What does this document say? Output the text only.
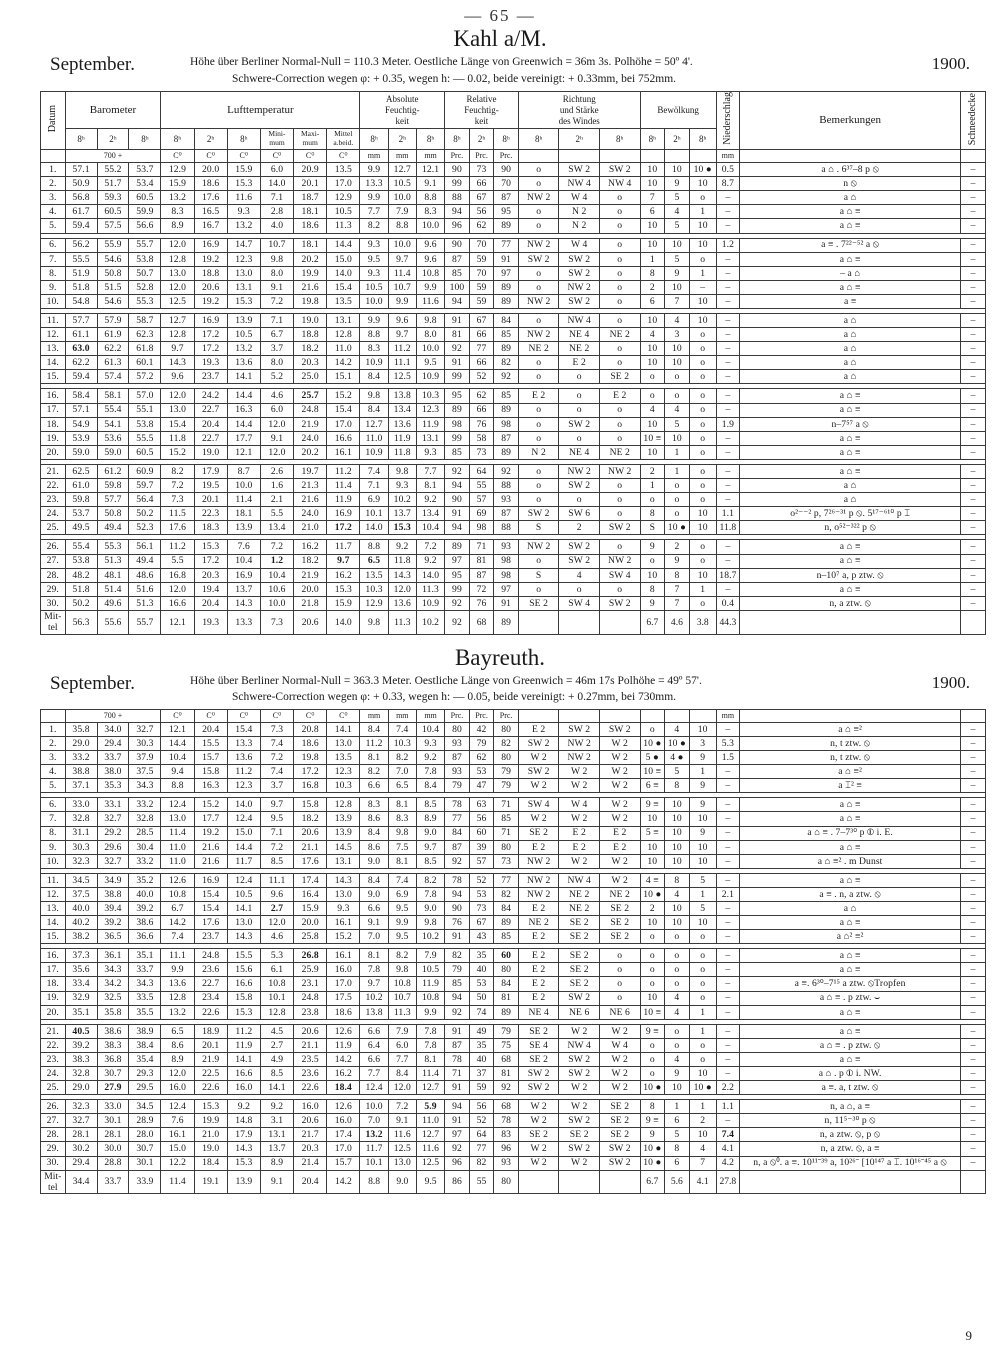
— 65 —
Kahl a/M.
September.	Höhe über Berliner Normal-Null = 110.3 Meter. Oestliche Länge von Greenwich = 36m 3s. Polhöhe = 50º 4'.
Schwere-Correction wegen φ: + 0.35, wegen h: — 0.02, beide vereinigt: + 0.33mm, bei 752mm.
1900.
Datum	Barometer			Lufttemperatur						Absolute
Feuchtig-
keit			Relative
Feuchtig-
keit			Richtung
und Stärke
des Windes			Bewölkung			Niederschlag	Bemerkungen	Schneedecke

	8ʰ	2ʰ	8ʰ	8ʰ	2ʰ	8ʰ	Mini-
mum	Maxi-
mum	Mittel
a.beid.	8ʰ	2ʰ	8ʰ	8ʰ	2ʰ	8ʰ	8ʰ	2ʰ	8ʰ	8ʰ	2ʰ	8ʰ			
	700 +			C⁰	C⁰	C⁰	C⁰	C⁰	C⁰	mm	mm	mm	Prc.	Prc.	Prc.							mm		
1.	57.1	55.2	53.7	12.9	20.0	15.9	6.0	20.9	13.5	9.9	12.7	12.1	90	73	90	o	SW 2	SW 2	10	10	10 ●	0.5	a ⌂ . 6³⁷–8 p ⦸	–
2.	50.9	51.7	53.4	15.9	18.6	15.3	14.0	20.1	17.0	13.3	10.5	9.1	99	66	70	o	NW 4	NW 4	10	9	10	8.7	n ⦸	–
3.	56.8	59.3	60.5	13.2	17.6	11.6	7.1	18.7	12.9	9.9	10.0	8.8	88	67	87	NW 2	W 4	o	7	5	o	–	a ⌂	–
4.	61.7	60.5	59.9	8.3	16.5	9.3	2.8	18.1	10.5	7.7	7.9	8.3	94	56	95	o	N 2	o	6	4	1	–	a ⌂ ≡	–
5.	59.4	57.5	56.6	8.9	16.7	13.2	4.0	18.6	11.3	8.2	8.8	10.0	96	62	89	o	N 2	o	10	5	10	–	a ⌂ ≡	–

6.	56.2	55.9	55.7	12.0	16.9	14.7	10.7	18.1	14.4	9.3	10.0	9.6	90	70	77	NW 2	W 4	o	10	10	10	1.2	a ≡ . 7²²⁻⁵² a ⦸	–
7.	55.5	54.6	53.8	12.8	19.2	12.3	9.8	20.2	15.0	9.5	9.7	9.6	87	59	91	SW 2	SW 2	o	1	5	o	–	a ⌂ ≡	–
8.	51.9	50.8	50.7	13.0	18.8	13.0	8.0	19.9	14.0	9.3	11.4	10.8	85	70	97	o	SW 2	o	8	9	1	–	– a ⌂	–
9.	51.8	51.5	52.8	12.0	20.6	13.1	9.1	21.6	15.4	10.5	10.7	9.9	100	59	89	o	NW 2	o	2	10	–	–	a ⌂ ≡	–
10.	54.8	54.6	55.3	12.5	19.2	15.3	7.2	19.8	13.5	10.0	9.9	11.6	94	59	89	NW 2	SW 2	o	6	7	10	–	a ≡	–

11.	57.7	57.9	58.7	12.7	16.9	13.9	7.1	19.0	13.1	9.9	9.6	9.8	91	67	84	o	NW 4	o	10	4	10	–	a ⌂	–
12.	61.1	61.9	62.3	12.8	17.2	10.5	6.7	18.8	12.8	8.8	9.7	8.0	81	66	85	NW 2	NE 4	NE 2	4	3	o	–	a ⌂	–
13.	63.0	62.2	61.8	9.7	17.2	13.2	3.7	18.2	11.0	8.3	11.2	10.0	92	77	89	NE 2	NE 2	o	10	10	o	–	a ⌂	–
14.	62.2	61.3	60.1	14.3	19.3	13.6	8.0	20.3	14.2	10.9	11.1	9.5	91	66	82	o	E 2	o	10	10	o	–	a ⌂	–
15.	59.4	57.4	57.2	9.6	23.7	14.1	5.2	25.0	15.1	8.4	12.5	10.9	99	52	92	o	o	SE 2	o	o	o	–	a ⌂	–

16.	58.4	58.1	57.0	12.0	24.2	14.4	4.6	25.7	15.2	9.8	13.8	10.3	95	62	85	E 2	o	E 2	o	o	o	–	a ⌂ ≡	–
17.	57.1	55.4	55.1	13.0	22.7	16.3	6.0	24.8	15.4	8.4	13.4	12.3	89	66	89	o	o	o	4	4	o	–	a ⌂ ≡	–
18.	54.9	54.1	53.8	15.4	20.4	14.4	12.0	21.9	17.0	12.7	13.6	11.9	98	76	98	o	SW 2	o	10	5	o	1.9	n–7⁵⁷ a ⦸	–
19.	53.9	53.6	55.5	11.8	22.7	17.7	9.1	24.0	16.6	11.0	11.9	13.1	99	58	87	o	o	o	10 ≡	10	o	–	a ⌂ ≡	–
20.	59.0	59.0	60.5	15.2	19.0	12.1	12.0	20.2	16.1	10.9	11.8	9.3	85	73	89	N 2	NE 4	NE 2	10	1	o	–	a ⌂ ≡	–

21.	62.5	61.2	60.9	8.2	17.9	8.7	2.6	19.7	11.2	7.4	9.8	7.7	92	64	92	o	NW 2	NW 2	2	1	o	–	a ⌂ ≡	–
22.	61.0	59.8	59.7	7.2	19.5	10.0	1.6	21.3	11.4	7.1	9.3	8.1	94	55	88	o	SW 2	o	1	o	o	–	a ⌂	–
23.	59.8	57.7	56.4	7.3	20.1	11.4	2.1	21.6	11.9	6.9	10.2	9.2	90	57	93	o	o	o	o	o	o	–	a ⌂	–
24.	53.7	50.8	50.2	11.5	22.3	18.1	5.5	24.0	16.9	10.1	13.7	13.4	91	69	87	SW 2	SW 6	o	8	o	10	1.1	o²⁻⁻² p, 7²⁶⁻³¹ p ⦸. 5¹⁷⁻⁶¹⁰ p ⌶	–
25.	49.5	49.4	52.3	17.6	18.3	13.9	13.4	21.0	17.2	14.0	15.3	10.4	94	98	88	S	2	SW 2	S	10 ●	10	11.8	n, o⁵²⁻³²² p ⦸	–

26.	55.4	55.3	56.1	11.2	15.3	7.6	7.2	16.2	11.7	8.8	9.2	7.2	89	71	93	NW 2	SW 2	o	9	2	o	–	a ⌂ ≡	–
27.	53.8	51.3	49.4	5.5	17.2	10.4	1.2	18.2	9.7	6.5	11.8	9.2	97	81	98	o	SW 2	NW 2	o	9	o	–	a ⌂ ≡	–
28.	48.2	48.1	48.6	16.8	20.3	16.9	10.4	21.9	16.2	13.5	14.3	14.0	95	87	98	S	4	SW 4	10	8	10	18.7	n–10⁷ a, p ztw. ⦸	–
29.	51.8	51.4	51.6	12.0	19.4	13.7	10.6	20.0	15.3	10.3	12.0	11.3	99	72	97	o	o	o	8	7	1	–	a ⌂ ≡	–
30.	50.2	49.6	51.3	16.6	20.4	14.3	10.0	21.8	15.9	12.9	13.6	10.9	92	76	91	SE 2	SW 4	SW 2	9	7	o	0.4	n, a ztw. ⦸	–
Mit-
tel	56.3	55.6	55.7	12.1	19.3	13.3	7.3	20.6	14.0	9.8	11.3	10.2	92	68	89				6.7	4.6	3.8	44.3		
Bayreuth.
September.	Höhe über Berliner Normal-Null = 363.3 Meter. Oestliche Länge von Greenwich = 46m 17s Polhöhe = 49º 57'.
Schwere-Correction wegen φ: + 0.33, wegen h: — 0.05, beide vereinigt: + 0.27mm, bei 730mm.
1900.
	700 +			C⁰	C⁰	C⁰	C⁰	C⁰	C⁰	mm	mm	mm	Prc.	Prc.	Prc.							mm		
1.	35.8	34.0	32.7	12.1	20.4	15.4	7.3	20.8	14.1	8.4	7.4	10.4	80	42	80	E 2	SW 2	SW 2	o	4	10	–	a ⌂ ≡²	–
2.	29.0	29.4	30.3	14.4	15.5	13.3	7.4	18.6	13.0	11.2	10.3	9.3	93	79	82	SW 2	NW 2	W 2	10 ●	10 ●	3	5.3	n, t ztw. ⦸	–
3.	33.2	33.7	37.9	10.4	15.7	13.6	7.2	19.8	13.5	8.1	8.2	9.2	87	62	80	W 2	NW 2	W 2	5 ●	4 ●	9	1.5	n, t ztw. ⦸	–
4.	38.8	38.0	37.5	9.4	15.8	11.2	7.4	17.2	12.3	8.2	7.0	7.8	93	53	79	SW 2	W 2	W 2	10 ≡	5	1	–	a ⌂ ≡²	–
5.	37.1	35.3	34.3	8.8	16.3	12.3	3.7	16.8	10.3	6.6	6.5	8.4	79	47	79	W 2	W 2	W 2	6 ≡	8	9	–	a ⌶² ≡	–

6.	33.0	33.1	33.2	12.4	15.2	14.0	9.7	15.8	12.8	8.3	8.1	8.5	78	63	71	SW 4	W 4	W 2	9 ≡	10	9	–	a ⌂ ≡	–
7.	32.8	32.7	32.8	13.0	17.7	12.4	9.5	18.2	13.9	8.6	8.3	8.9	77	56	85	W 2	W 2	W 2	10	10	10	–	a ⌂ ≡	–
8.	31.1	29.2	28.5	11.4	19.2	15.0	7.1	20.6	13.9	8.4	9.8	9.0	84	60	71	SE 2	E 2	E 2	5 ≡	10	9	–	a ⌂ ≡ . 7–7³⁰ p ⦶ i. E.	–
9.	30.3	29.6	30.4	11.0	21.6	14.4	7.2	21.1	14.5	8.6	7.5	9.7	87	39	80	E 2	E 2	E 2	10	10	10	–	a ⌂ ≡	–
10.	32.3	32.7	33.2	11.0	21.6	11.7	8.5	17.6	13.1	9.0	8.1	8.5	92	57	73	NW 2	W 2	W 2	10	10	10	–	a ⌂ ≡² . m Dunst	–

11.	34.5	34.9	35.2	12.6	16.9	12.4	11.1	17.4	14.3	8.4	7.4	8.2	78	52	77	NW 2	NW 4	W 2	4 ≡	8	5	–	a ⌂ ≡	–
12.	37.5	38.8	40.0	10.8	15.4	10.5	9.6	16.4	13.0	9.0	6.9	7.8	94	53	82	NW 2	NE 2	NE 2	10 ●	4	1	2.1	a ≡ . n, a ztw. ⦸	–
13.	40.0	39.4	39.2	6.7	15.4	14.1	2.7	15.9	9.3	6.6	9.5	9.0	90	73	84	E 2	NE 2	SE 2	2	10	5	–	a ⌂	–
14.	40.2	39.2	38.6	14.2	17.6	13.0	12.0	20.0	16.1	9.1	9.9	9.8	76	67	89	NE 2	SE 2	SE 2	10	10	10	–	a ⌂ ≡	–
15.	38.2	36.5	36.6	7.4	23.7	14.3	4.6	25.8	15.2	7.0	9.5	10.2	91	43	85	E 2	SE 2	SE 2	o	o	o	–	a ⌂² ≡²	–

16.	37.3	36.1	35.1	11.1	24.8	15.5	5.3	26.8	16.1	8.1	8.2	7.9	82	35	60	E 2	SE 2	o	o	o	o	–	a ⌂ ≡	–
17.	35.6	34.3	33.7	9.9	23.6	15.6	6.1	25.9	16.0	7.8	9.8	10.5	79	40	80	E 2	SE 2	o	o	o	o	–	a ⌂ ≡	–
18.	33.4	34.2	34.3	13.6	22.7	16.6	10.8	23.1	17.0	9.7	10.8	11.9	85	53	84	E 2	SE 2	o	o	o	o	–	a ≡. 6³⁰–7¹⁵ a ztw. ⦸Tropfen	–
19.	32.9	32.5	33.5	12.8	23.4	15.8	10.1	24.8	17.5	10.2	10.7	10.8	94	50	81	E 2	SW 2	o	10	4	o	–	a ⌂ ≡ . p ztw. ⌣	–
20.	35.1	35.8	35.5	13.2	22.6	15.3	12.8	23.8	18.6	13.8	11.3	9.9	92	74	89	NE 4	NE 6	NE 6	10 ≡	4	1	–	a ⌂ ≡	–

21.	40.5	38.6	38.9	6.5	18.9	11.2	4.5	20.6	12.6	6.6	7.9	7.8	91	49	79	SE 2	W 2	W 2	9 ≡	o	1	–	a ⌂ ≡	–
22.	39.2	38.3	38.4	8.6	20.1	11.9	2.7	21.1	11.9	6.4	6.0	7.8	87	35	75	SE 4	NW 4	W 4	o	o	o	–	a ⌂ ≡ . p ztw. ⦸	–
23.	38.3	36.8	35.4	8.9	21.9	14.1	4.9	23.5	14.2	6.6	7.7	8.1	78	40	68	SE 2	SW 2	W 2	o	4	o	–	a ⌂ ≡	–
24.	32.8	30.7	29.3	12.0	22.5	16.6	8.5	23.6	16.2	7.7	8.4	11.4	71	37	81	SW 2	SW 2	W 2	o	9	10	–	a ⌂ . p ⦶ i. NW.	–
25.	29.0	27.9	29.5	16.0	22.6	16.0	14.1	22.6	18.4	12.4	12.0	12.7	91	59	92	SW 2	W 2	W 2	10 ●	10	10 ●	2.2	a ≡. a, t ztw. ⦸	–

26.	32.3	33.0	34.5	12.4	15.3	9.2	9.2	16.0	12.6	10.0	7.2	5.9	94	56	68	W 2	W 2	SE 2	8	1	1	1.1	n, a ⌂, a ≡	–
27.	32.7	30.1	28.9	7.6	19.9	14.8	3.1	20.6	16.0	7.0	9.1	11.0	91	52	78	W 2	SW 2	SE 2	9 ≡	6	2	–	n, 11⁵⁻³⁰ p ⦸	–
28.	28.1	28.1	28.0	16.1	21.0	17.9	13.1	21.7	17.4	13.2	11.6	12.7	97	64	83	SE 2	SE 2	SE 2	9	5	10	7.4	n, a ztw. ⦸, p ⦸	–
29.	30.2	30.0	30.7	15.0	19.0	14.3	13.7	20.3	17.0	11.7	12.5	11.6	92	77	96	W 2	SW 2	SW 2	10 ●	8	4	4.1	n, a ztw. ⦸, a ≡	–
30.	29.4	28.8	30.1	12.2	18.4	15.3	8.9	21.4	15.7	10.1	13.0	12.5	96	82	93	W 2	W 2	SW 2	10 ●	6	7	4.2	n, a ⦸⁰. a ≡. 10¹¹⁻³⁹ a, 10²⁶⁻ [10¹⁴⁷ a ⌶. 10¹⁶⁻⁴⁵ a ⦸	–
Mit-
tel	34.4	33.7	33.9	11.4	19.1	13.9	9.1	20.4	14.2	8.8	9.0	9.5	86	55	80				6.7	5.6	4.1	27.8		
9
